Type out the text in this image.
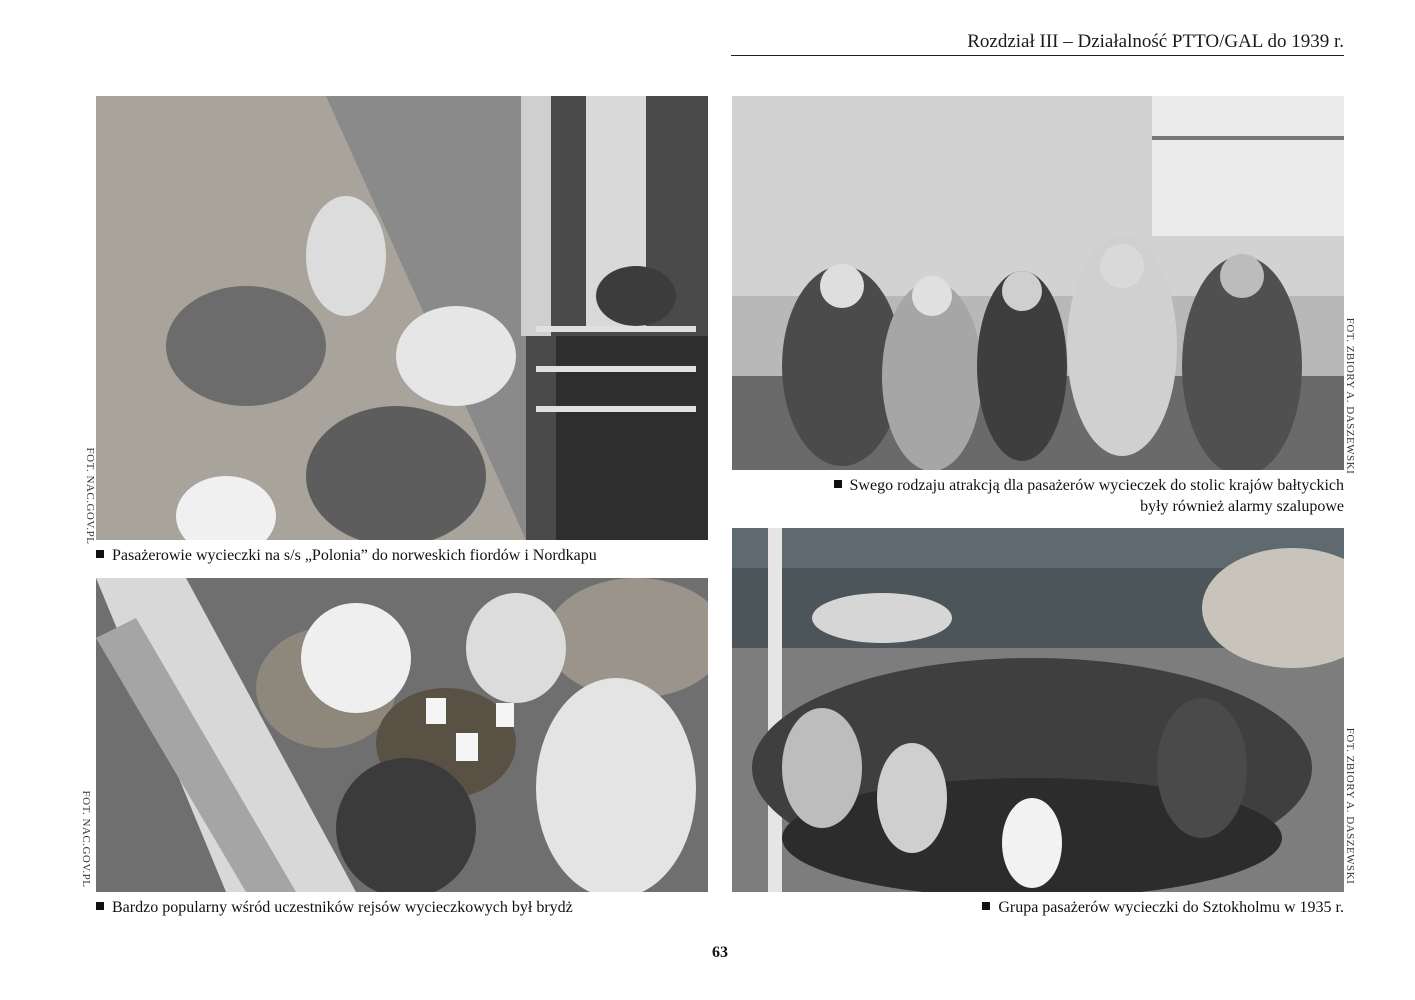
Rozdział III – Działalność PTTO/GAL do 1939 r.
Pasażerowie wycieczki na s/s „Polonia” do norweskich fiordów i Nordkapu
FOT. NAC.GOV.PL	Swego rodzaju atrakcją dla pasażerów wycieczek do stolic krajów bałtyckich
były również alarmy szalupowe
FOT. ZBIORY A. DASZEWSKI
Bardzo popularny wśród uczestników rejsów wycieczkowych był brydż
FOT. NAC.GOV.PL
Grupa pasażerów wycieczki do Sztokholmu w 1935 r.
FOT. ZBIORY A. DASZEWSKI
63
